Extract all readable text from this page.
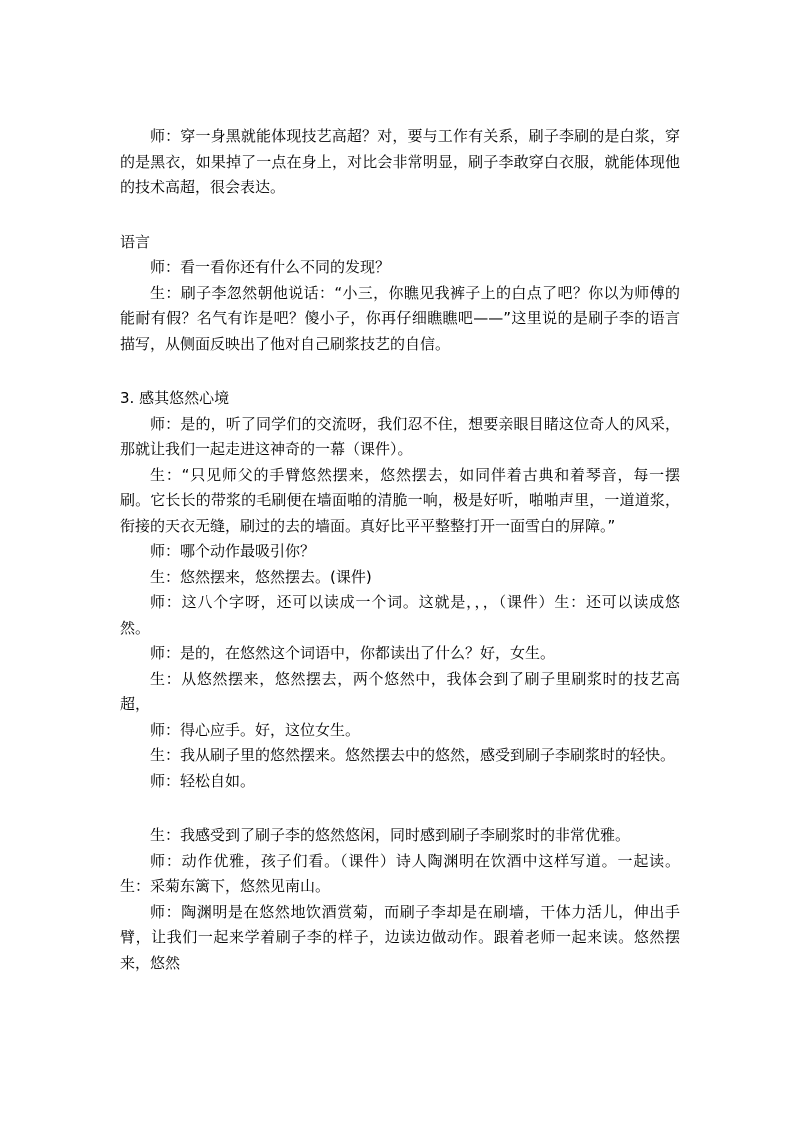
师：穿一身黑就能体现技艺高超？对，要与工作有关系，刷子李刷的是白浆，穿的是黑衣，如果掉了一点在身上，对比会非常明显，刷子李敢穿白衣服，就能体现他的技术高超，很会表达。

语言

师：看一看你还有什么不同的发现？

生：刷子李忽然朝他说话：“小三，你瞧见我裤子上的白点了吧？你以为师傅的能耐有假？名气有诈是吧？傻小子，你再仔细瞧瞧吧——”这里说的是刷子李的语言描写，从侧面反映出了他对自己刷浆技艺的自信。

3. 感其悠然心境

师：是的，听了同学们的交流呀，我们忍不住，想要亲眼目睹这位奇人的风采，那就让我们一起走进这神奇的一幕（课件）。

生：“只见师父的手臂悠然摆来，悠然摆去，如同伴着古典和着琴音，每一摆刷。它长长的带浆的毛刷便在墙面啪的清脆一响，极是好听，啪啪声里，一道道浆，衔接的天衣无缝，刷过的去的墙面。真好比平平整整打开一面雪白的屏障。”

师：哪个动作最吸引你？

生：悠然摆来，悠然摆去。(课件)

师：这八个字呀，还可以读成一个词。这就是，，，（课件）生：还可以读成悠然。

师：是的，在悠然这个词语中，你都读出了什么？好，女生。

生：从悠然摆来，悠然摆去，两个悠然中，我体会到了刷子里刷浆时的技艺高超，

师：得心应手。好，这位女生。

生：我从刷子里的悠然摆来。悠然摆去中的悠然，感受到刷子李刷浆时的轻快。

师：轻松自如。

生：我感受到了刷子李的悠然悠闲，同时感到刷子李刷浆时的非常优雅。

师：动作优雅，孩子们看。（课件）诗人陶渊明在饮酒中这样写道。一起读。生：采菊东篱下，悠然见南山。

师：陶渊明是在悠然地饮酒赏菊，而刷子李却是在刷墙，干体力活儿，伸出手臂，让我们一起来学着刷子李的样子，边读边做动作。跟着老师一起来读。悠然摆来，悠然
